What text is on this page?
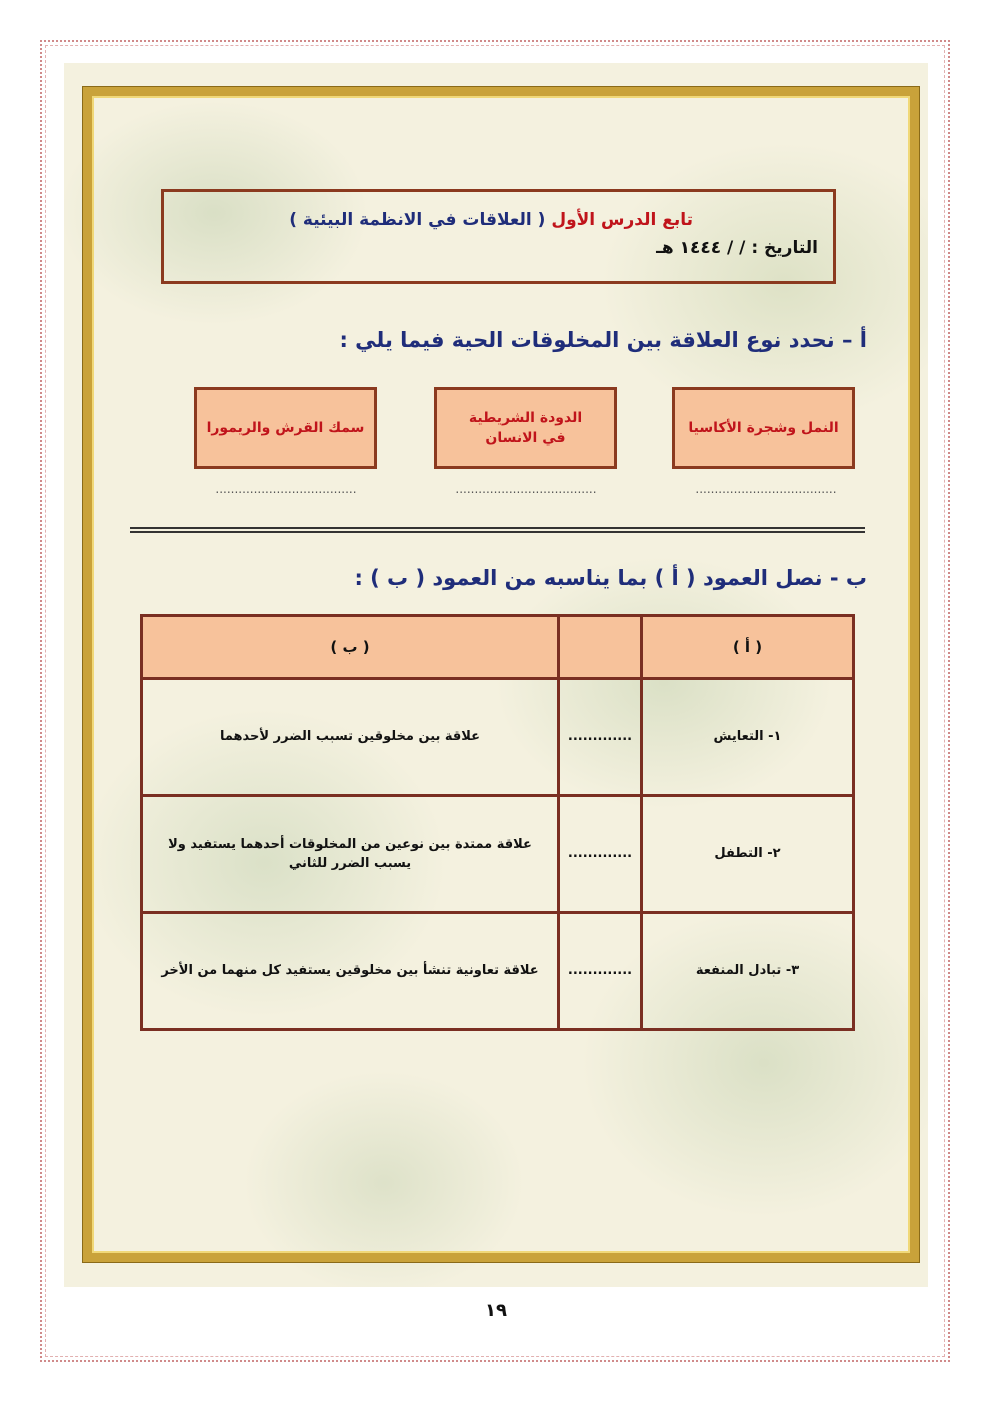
تابع الدرس الأول ( العلاقات في الانظمة البيئية )
التاريخ : / / ١٤٤٤ هـ
أ – نحدد نوع العلاقة بين المخلوقات الحية فيما يلي :
النمل وشجرة الأكاسيا
الدودة الشريطية
في الانسان
سمك القرش والريمورا
.....................................
.....................................
.....................................
ب - نصل العمود ( أ ) بما يناسبه من العمود ( ب ) :
( أ )		( ب )
١- التعايش	.............	علاقة بين مخلوقين تسبب الضرر لأحدهما
٢- التطفل	.............	علاقة ممتدة بين نوعين من المخلوقات أحدهما يستفيد ولا يسبب الضرر للثاني
٣- تبادل المنفعة	.............	علاقة تعاونية تنشأ بين مخلوقين يستفيد كل منهما من الأخر
١٩
